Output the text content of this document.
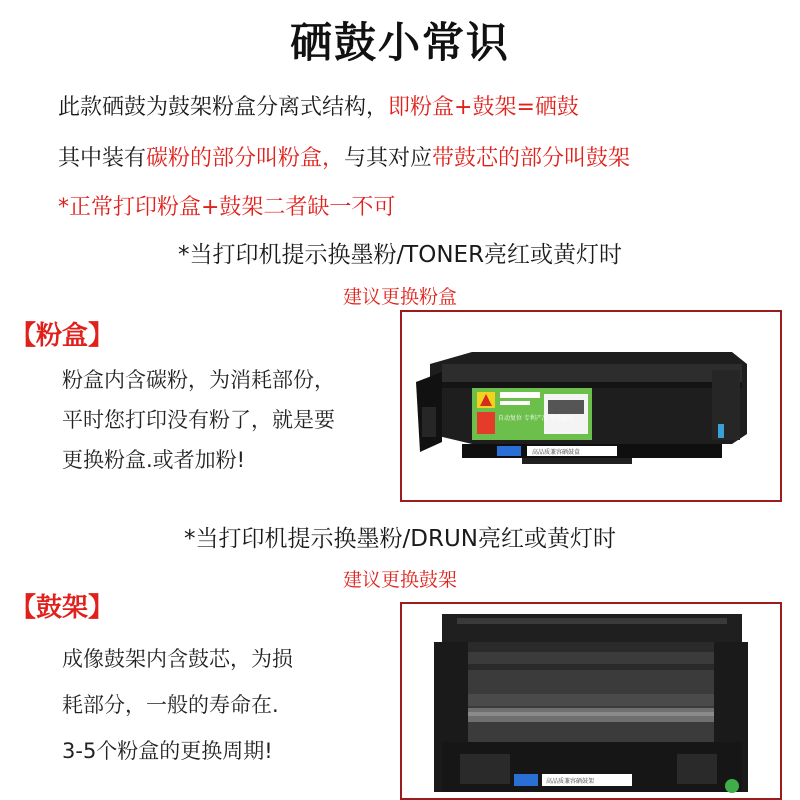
硒鼓小常识
此款硒鼓为鼓架粉盒分离式结构，即粉盒+鼓架=硒鼓
其中装有碳粉的部分叫粉盒，与其对应带鼓芯的部分叫鼓架
*正常打印粉盒+鼓架二者缺一不可
*当打印机提示换墨粉/TONER亮红或黄灯时
建议更换粉盒
【粉盒】
粉盒内含碳粉，为消耗部份，
平时您打印没有粉了，就是要
更换粉盒.或者加粉!
自动复位 专利产品 仿造必究
高品质兼容硒鼓盒
*当打印机提示换墨粉/DRUN亮红或黄灯时
建议更换鼓架
【鼓架】
成像鼓架内含鼓芯，为损
耗部分，一般的寿命在.
3-5个粉盒的更换周期!
高品质兼容硒鼓架
